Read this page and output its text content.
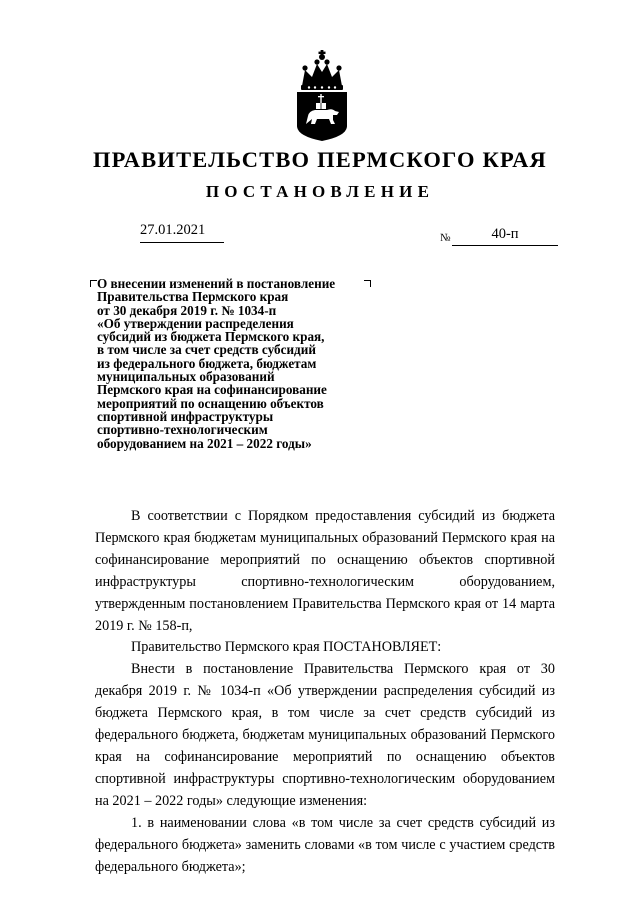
ПРАВИТЕЛЬСТВО ПЕРМСКОГО КРАЯ
ПОСТАНОВЛЕНИЕ
27.01.2021	№	40-п
О внесении изменений в постановление
Правительства Пермского края
от 30 декабря 2019 г. № 1034-п
«Об утверждении распределения
субсидий из бюджета Пермского края,
в том числе за счет средств субсидий
из федерального бюджета, бюджетам
муниципальных образований
Пермского края на софинансирование
мероприятий по оснащению объектов
спортивной инфраструктуры
спортивно-технологическим
оборудованием на 2021 – 2022 годы»

В соответствии с Порядком предоставления субсидий из бюджета Пермского края бюджетам муниципальных образований Пермского края на софинансирование мероприятий по оснащению объектов спортивной инфраструктуры спортивно-технологическим оборудованием, утвержденным постановлением Правительства Пермского края от 14 марта 2019 г. № 158-п,

Правительство Пермского края ПОСТАНОВЛЯЕТ:

Внести в постановление Правительства Пермского края от 30 декабря 2019 г. № 1034-п «Об утверждении распределения субсидий из бюджета Пермского края, в том числе за счет средств субсидий из федерального бюджета, бюджетам муниципальных образований Пермского края на софинансирование мероприятий по оснащению объектов спортивной инфраструктуры спортивно-технологическим оборудованием на 2021 – 2022 годы» следующие изменения:

1. в наименовании слова «в том числе за счет средств субсидий из федерального бюджета» заменить словами «в том числе с участием средств федерального бюджета»;
